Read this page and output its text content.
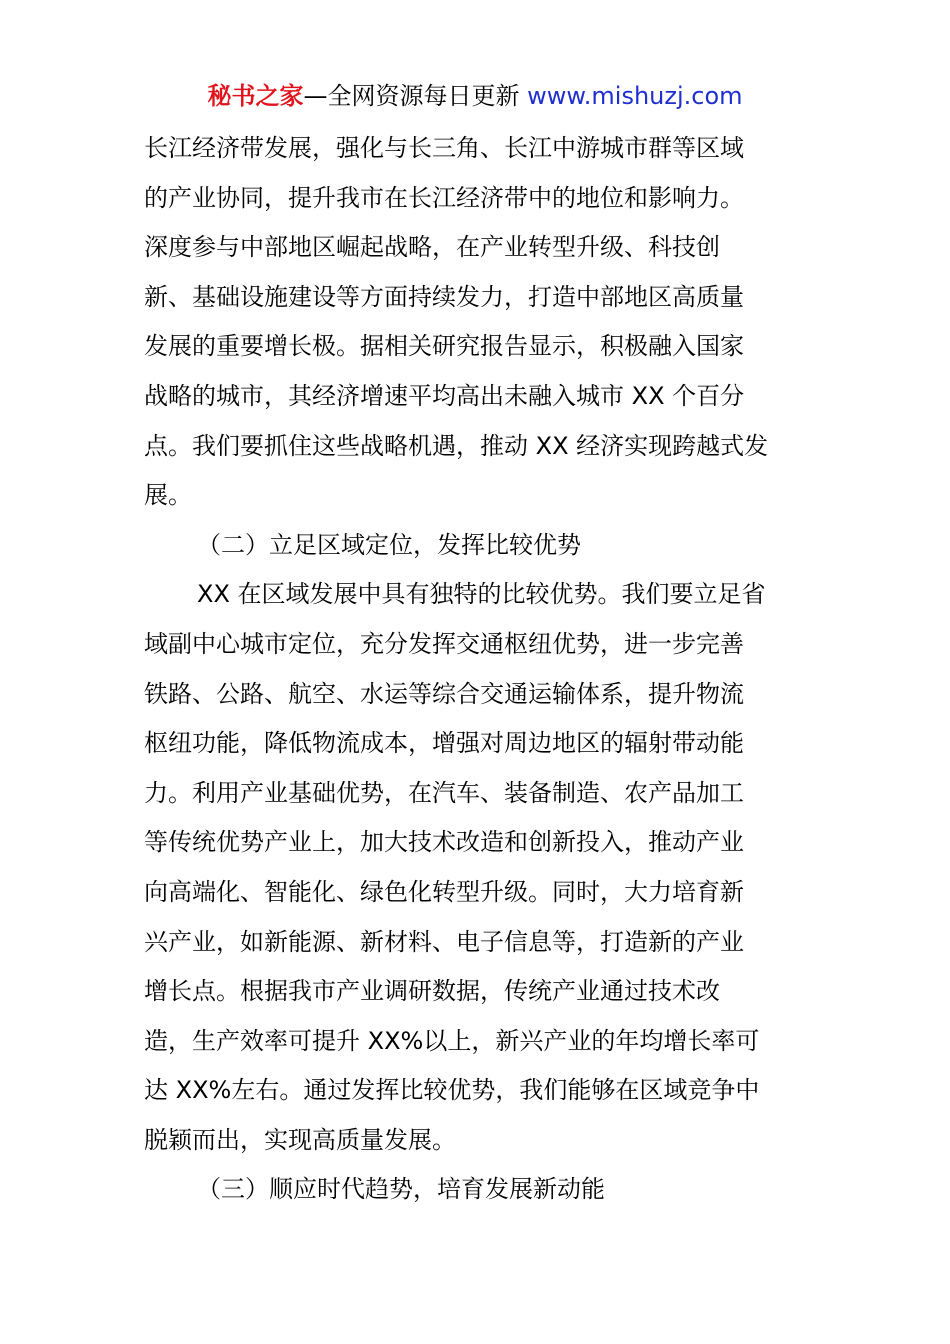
秘书之家—全网资源每日更新 www.mishuzj.com
长江经济带发展，强化与长三角、长江中游城市群等区域
的产业协同，提升我市在长江经济带中的地位和影响力。
深度参与中部地区崛起战略，在产业转型升级、科技创
新、基础设施建设等方面持续发力，打造中部地区高质量
发展的重要增长极。据相关研究报告显示，积极融入国家
战略的城市，其经济增速平均高出未融入城市 XX 个百分
点。我们要抓住这些战略机遇，推动 XX 经济实现跨越式发
展。
（二）立足区域定位，发挥比较优势
XX 在区域发展中具有独特的比较优势。我们要立足省
域副中心城市定位，充分发挥交通枢纽优势，进一步完善
铁路、公路、航空、水运等综合交通运输体系，提升物流
枢纽功能，降低物流成本，增强对周边地区的辐射带动能
力。利用产业基础优势，在汽车、装备制造、农产品加工
等传统优势产业上，加大技术改造和创新投入，推动产业
向高端化、智能化、绿色化转型升级。同时，大力培育新
兴产业，如新能源、新材料、电子信息等，打造新的产业
增长点。根据我市产业调研数据，传统产业通过技术改
造，生产效率可提升 XX%以上，新兴产业的年均增长率可
达 XX%左右。通过发挥比较优势，我们能够在区域竞争中
脱颖而出，实现高质量发展。
（三）顺应时代趋势，培育发展新动能
